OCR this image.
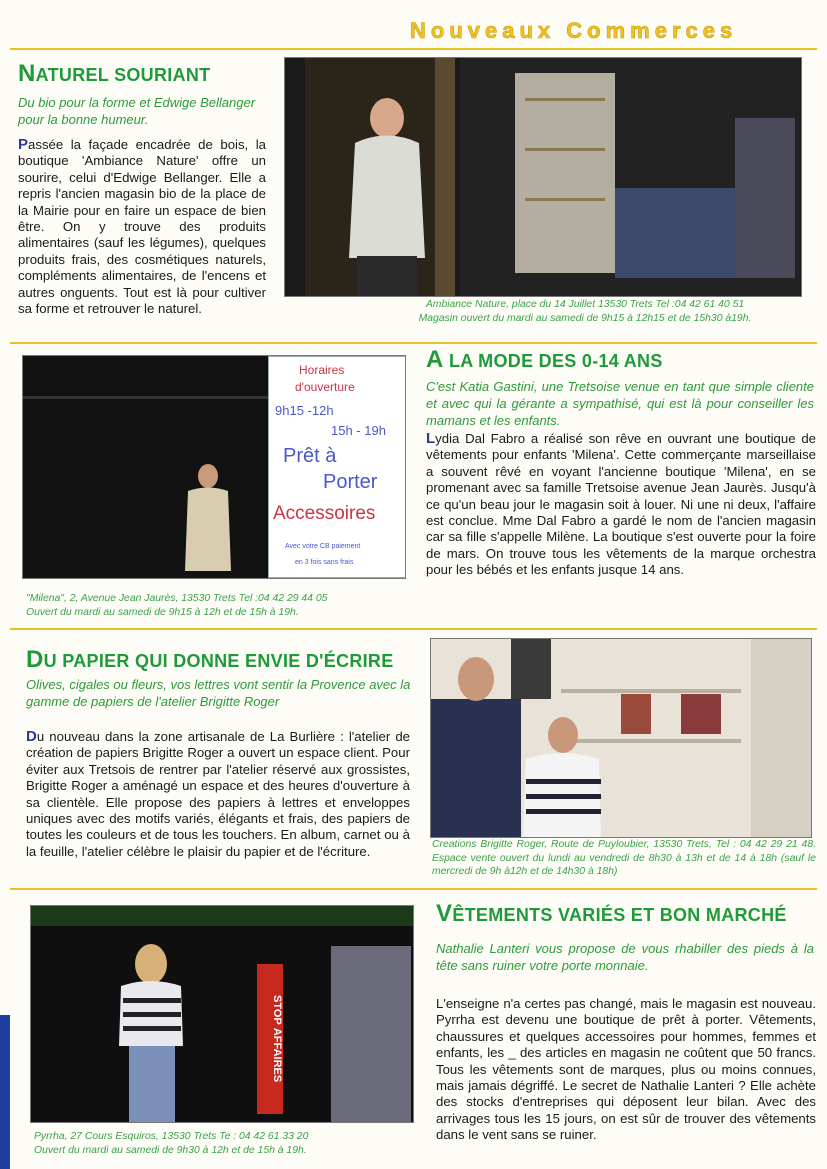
Nouveaux Commerces
NATUREL SOURIANT
Du bio pour la forme et Edwige Bellanger pour la bonne humeur.
Passée la façade encadrée de bois, la boutique 'Ambiance Nature' offre un sourire, celui d'Edwige Bellanger. Elle a repris l'ancien magasin bio de la place de la Mairie pour en faire un espace de bien être. On y trouve des produits alimentaires (sauf les légumes), quelques produits frais, des cosmétiques naturels, compléments alimentaires, de l'encens et autres onguents. Tout est là pour cultiver sa forme et retrouver le naturel.	Ambiance Nature, place du 14 Juillet 13530 Trets Tel :04 42 61 40 51
Magasin ouvert du mardi au samedi de 9h15 à 12h15 et de 15h30 à19h.
Horaires
d'ouverture
9h15 -12h
15h - 19h
Prêt à
Porter
Accessoires
Avec votre CB paiement
en 3 fois sans frais
"Milena", 2, Avenue Jean Jaurès, 13530 Trets Tel :04 42 29 44 05
Ouvert du mardi au samedi de 9h15 à 12h et de 15h à 19h.
A LA MODE DES 0-14 ANS
C'est Katia Gastini, une Tretsoise venue en tant que simple cliente et avec qui la gérante a sympathisé, qui est là pour conseiller les mamans et les enfants.
Lydia Dal Fabro a réalisé son rêve en ouvrant une boutique de vêtements pour enfants 'Milena'. Cette commerçante marseillaise a souvent rêvé en voyant l'ancienne boutique 'Milena', en se promenant avec sa famille Tretsoise avenue Jean Jaurès. Jusqu'à ce qu'un beau jour le magasin soit à louer. Ni une ni deux, l'affaire est conclue. Mme Dal Fabro a gardé le nom de l'ancien magasin car sa fille s'appelle Milène. La boutique s'est ouverte pour la foire de mars. On trouve tous les vêtements de la marque orchestra pour les bébés et les enfants jusque 14 ans.
DU PAPIER QUI DONNE ENVIE D'ÉCRIRE
Olives, cigales ou fleurs, vos lettres vont sentir la Provence avec la gamme de papiers de l'atelier Brigitte Roger
Du nouveau dans la zone artisanale de La Burlière : l'atelier de création de papiers Brigitte Roger a ouvert un espace client. Pour éviter aux Tretsois de rentrer par l'atelier réservé aux grossistes, Brigitte Roger a aménagé un espace et des heures d'ouverture à sa clientèle. Elle propose des papiers à lettres et enveloppes uniques avec des motifs variés, élégants et frais, des papiers de toutes les couleurs et de tous les touchers. En album, carnet ou à la feuille, l'atelier célèbre le plaisir du papier et de l'écriture.	Creations Brigitte Roger, Route de Puyloubier, 13530 Trets, Tel : 04 42 29 21 48. Espace vente ouvert du lundi au vendredi de 8h30 à 13h et de 14 à 18h (sauf le mercredi de 9h à12h et de 14h30 à 18h)
STOP AFFAIRES
Pyrrha, 27 Cours Esquiros, 13530 Trets Te : 04 42 61 33 20
Ouvert du mardi au samedi de 9h30 à 12h et de 15h à 19h.
VÊTEMENTS VARIÉS ET BON MARCHÉ
Nathalie Lanteri vous propose de vous rhabiller des pieds à la tête sans ruiner votre porte monnaie.
L'enseigne n'a certes pas changé, mais le magasin est nouveau. Pyrrha est devenu une boutique de prêt à porter. Vêtements, chaussures et quelques accessoires pour hommes, femmes et enfants, les _ des articles en magasin ne coûtent que 50 francs. Tous les vêtements sont de marques, plus ou moins connues, mais jamais dégriffé. Le secret de Nathalie Lanteri ? Elle achète des stocks d'entreprises qui déposent leur bilan. Avec des arrivages tous les 15 jours, on est sûr de trouver des vêtements dans le vent sans se ruiner.
